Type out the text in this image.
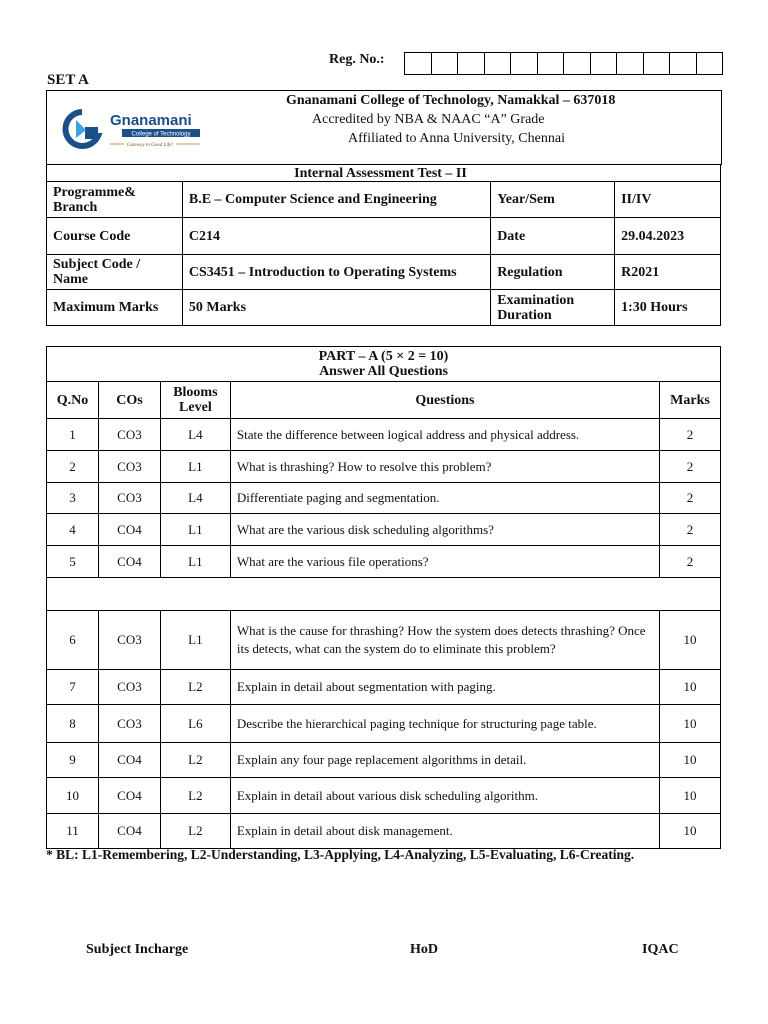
Reg. No.:
SET A
Gnanamani
College of Technology
Gateway to Good Life!
Gnanamani College of Technology, Namakkal – 637018
Accredited by NBA & NAAC “A” Grade
Affiliated to Anna University, Chennai
Internal Assessment Test – II			
Programme& Branch	B.E – Computer Science and Engineering	Year/Sem	II/IV
Course Code	C214	Date	29.04.2023
Subject Code / Name	CS3451 – Introduction to Operating Systems	Regulation	R2021
Maximum Marks	50 Marks	Examination Duration	1:30 Hours
PART – A (5 × 2 = 10)
Answer All Questions				

Q.No	COs	Blooms Level	Questions	Marks
1	CO3	L4	State the difference between logical address and physical address.	2
2	CO3	L1	What is thrashing? How to resolve this problem?	2
3	CO3	L4	Differentiate paging and segmentation.	2
4	CO4	L1	What are the various disk scheduling algorithms?	2
5	CO4	L1	What are the various file operations?	2

6	CO3	L1	What is the cause for thrashing? How the system does detects thrashing? Once its detects, what can the system do to eliminate this problem?	10
7	CO3	L2	Explain in detail about segmentation with paging.	10
8	CO3	L6	Describe the hierarchical paging technique for structuring page table.	10
9	CO4	L2	Explain any four page replacement algorithms in detail.	10
10	CO4	L2	Explain in detail about various disk scheduling algorithm.	10
11	CO4	L2	Explain in detail about disk management.	10
* BL: L1-Remembering, L2-Understanding, L3-Applying, L4-Analyzing, L5-Evaluating, L6-Creating.
Subject Incharge	HoD	IQAC
